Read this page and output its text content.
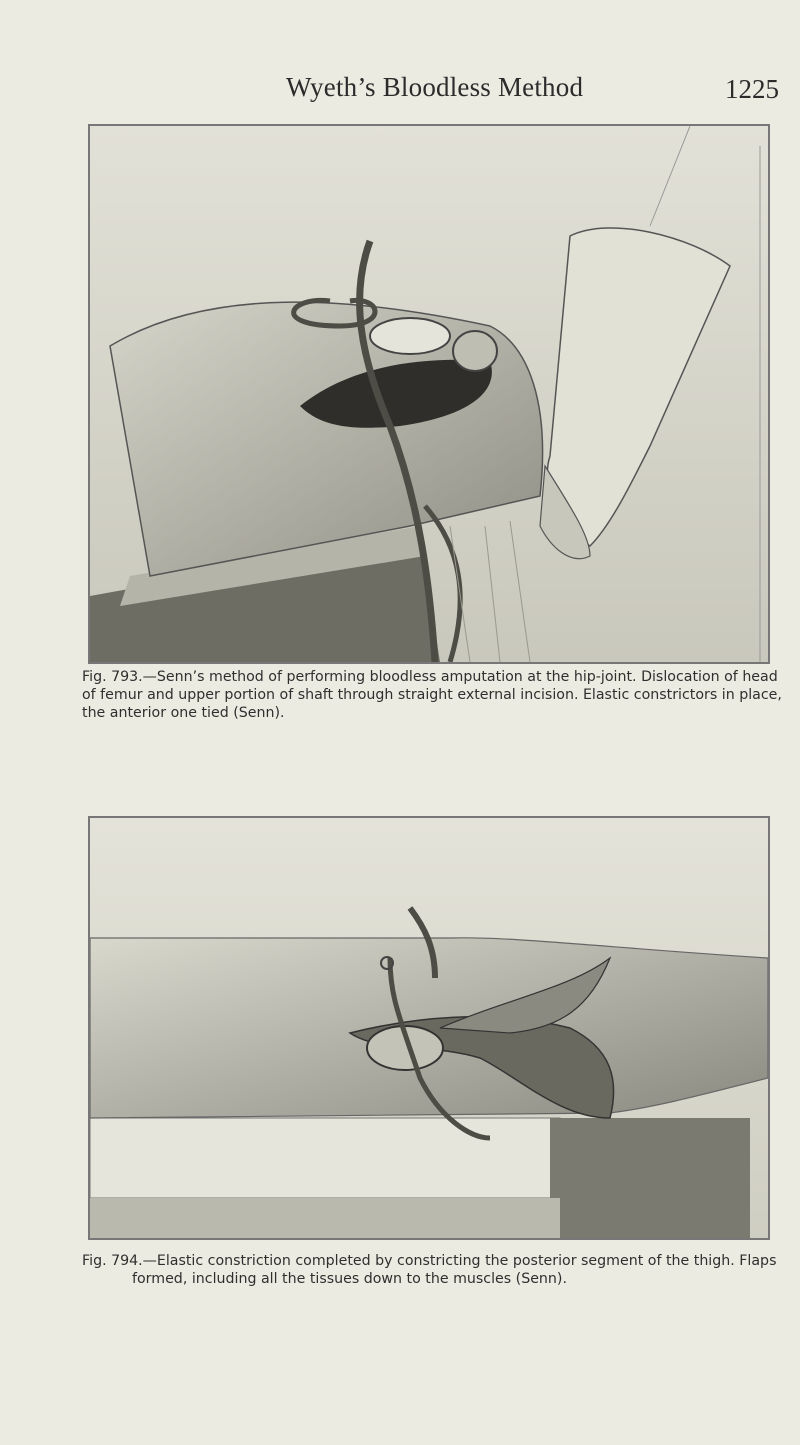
Wyeth’s Bloodless Method	1225

Fig. 793.—Senn’s method of performing bloodless amputation at the hip-joint. Dislocation of head of femur and upper portion of shaft through straight external incision. Elastic constrictors in place, the anterior one tied (Senn).

Fig. 794.—Elastic constriction completed by constricting the posterior segment of the thigh. Flaps
formed, including all the tissues down to the muscles (Senn).
